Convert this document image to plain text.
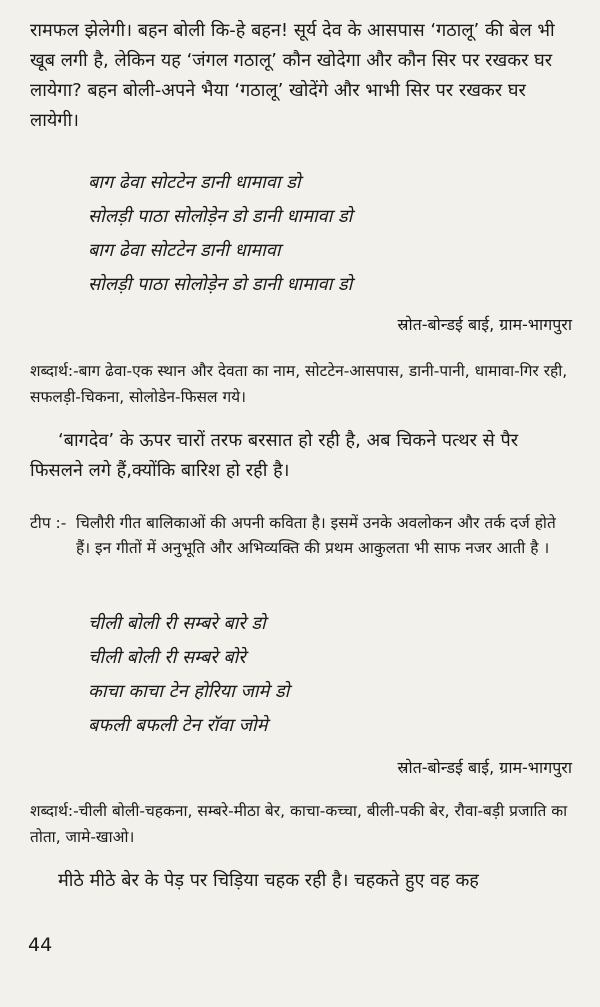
रामफल झेलेगी। बहन बोली कि-हे बहन! सूर्य देव के आसपास ‘गठालू’ की बेल भी खूब लगी है, लेकिन यह ‘जंगल गठालू’ कौन खोदेगा और कौन सिर पर रखकर घर लायेगा? बहन बोली-अपने भैया ‘गठालू’ खोदेंगे और भाभी सिर पर रखकर घर लायेगी।

बाग ढेवा सोटटेन डानी धामावा डो
सोलड़ी पाठा सोलोड़ेन डो डानी धामावा डो
बाग ढेवा सोटटेन डानी धामावा
सोलड़ी पाठा सोलोड़ेन डो डानी धामावा डो

स्रोत-बोन्डई बाई, ग्राम-भागपुरा

शब्दार्थ:-बाग ढेवा-एक स्थान और देवता का नाम, सोटटेन-आसपास, डानी-पानी, धामावा-गिर रही, सफलड़ी-चिकना, सोलोडेन-फिसल गये।

‘बागदेव’ के ऊपर चारों तरफ बरसात हो रही है, अब चिकने पत्थर से पैर फिसलने लगे हैं,क्योंकि बारिश हो रही है।

टीप :- चिलौरी गीत बालिकाओं की अपनी कविता है। इसमें उनके अवलोकन और तर्क दर्ज होते हैं। इन गीतों में अनुभूति और अभिव्यक्ति की प्रथम आकुलता भी साफ नजर आती है ।
चीली बोली री सम्बरे बारे डो
चीली बोली री सम्बरे बोरे
काचा काचा टेन होरिया जामे डो
बफली बफली टेन रॉवा जोमे

स्रोत-बोन्डई बाई, ग्राम-भागपुरा

शब्दार्थ:-चीली बोली-चहकना, सम्बरे-मीठा बेर, काचा-कच्चा, बीली-पकी बेर, रौवा-बड़ी प्रजाति का तोता, जामे-खाओ।

मीठे मीठे बेर के पेड़ पर चिड़िया चहक रही है। चहकते हुए वह कह

44
